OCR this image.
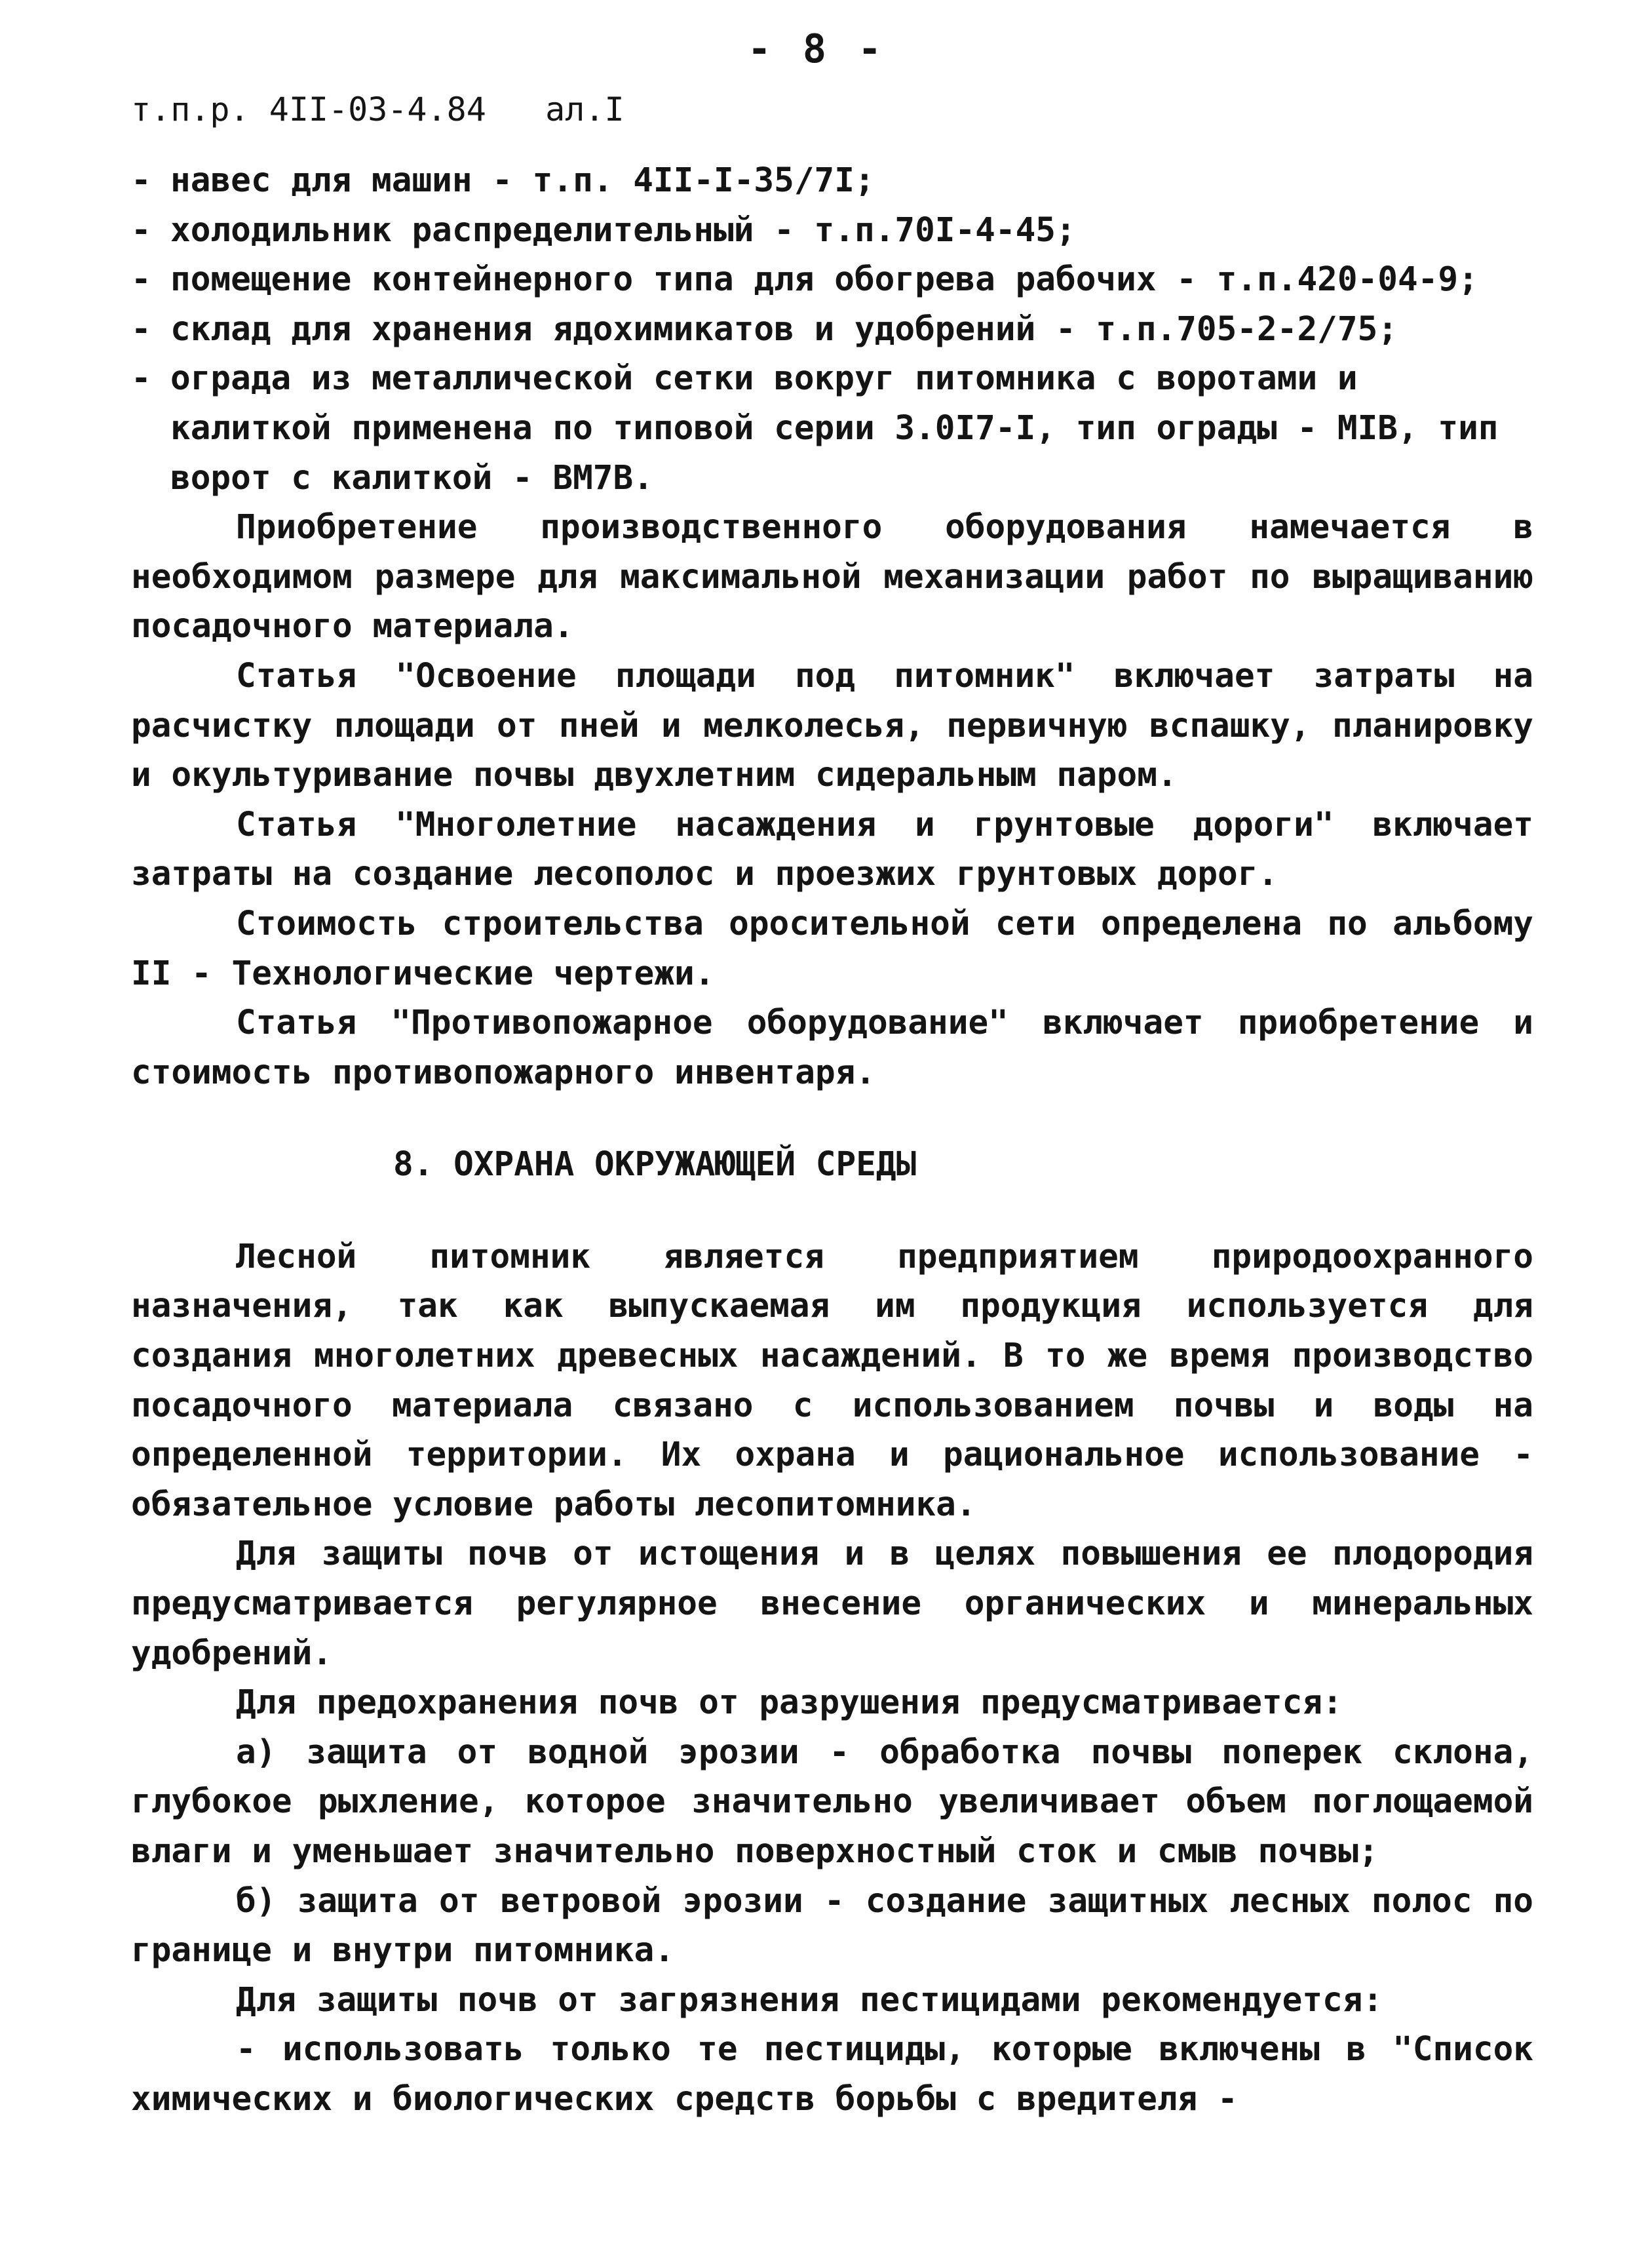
- 8 -
т.п.р. 4II-03-4.84   ал.I
- навес для машин - т.п. 4II-I-35/7I;
- холодильник распределительный - т.п.70I-4-45;
- помещение контейнерного типа для обогрева рабочих - т.п.420-04-9;
- склад для хранения ядохимикатов и удобрений - т.п.705-2-2/75;
- ограда из металлической сетки вокруг питомника с воротами и калиткой применена по типовой серии 3.0I7-I, тип ограды - МIВ, тип ворот с калиткой - ВМ7В.
Приобретение производственного оборудования намечается в необходимом размере для максимальной механизации работ по выращиванию посадочного материала.
Статья "Освоение площади под питомник" включает затраты на расчистку площади от пней и мелколесья, первичную вспашку, планировку и окультуривание почвы двухлетним сидеральным паром.
Статья "Многолетние насаждения и грунтовые дороги" включает затраты на создание лесополос и проезжих грунтовых дорог.
Стоимость строительства оросительной сети определена по альбому II - Технологические чертежи.
Статья "Противопожарное оборудование" включает приобретение и стоимость противопожарного инвентаря.
8. ОХРАНА ОКРУЖАЮЩЕЙ СРЕДЫ
Лесной питомник является предприятием природоохранного назначения, так как выпускаемая им продукция используется для создания многолетних древесных насаждений. В то же время производство посадочного материала связано с использованием почвы и воды на определенной территории. Их охрана и рациональное использование - обязательное условие работы лесопитомника.
Для защиты почв от истощения и в целях повышения ее плодородия предусматривается регулярное внесение органических и минеральных удобрений.
Для предохранения почв от разрушения предусматривается:
а) защита от водной эрозии - обработка почвы поперек склона, глубокое рыхление, которое значительно увеличивает объем поглощаемой влаги и уменьшает значительно поверхностный сток и смыв почвы;
б) защита от ветровой эрозии - создание защитных лесных полос по границе и внутри питомника.
Для защиты почв от загрязнения пестицидами рекомендуется:
- использовать только те пестициды, которые включены в "Список химических и биологических средств борьбы с вредителя -
